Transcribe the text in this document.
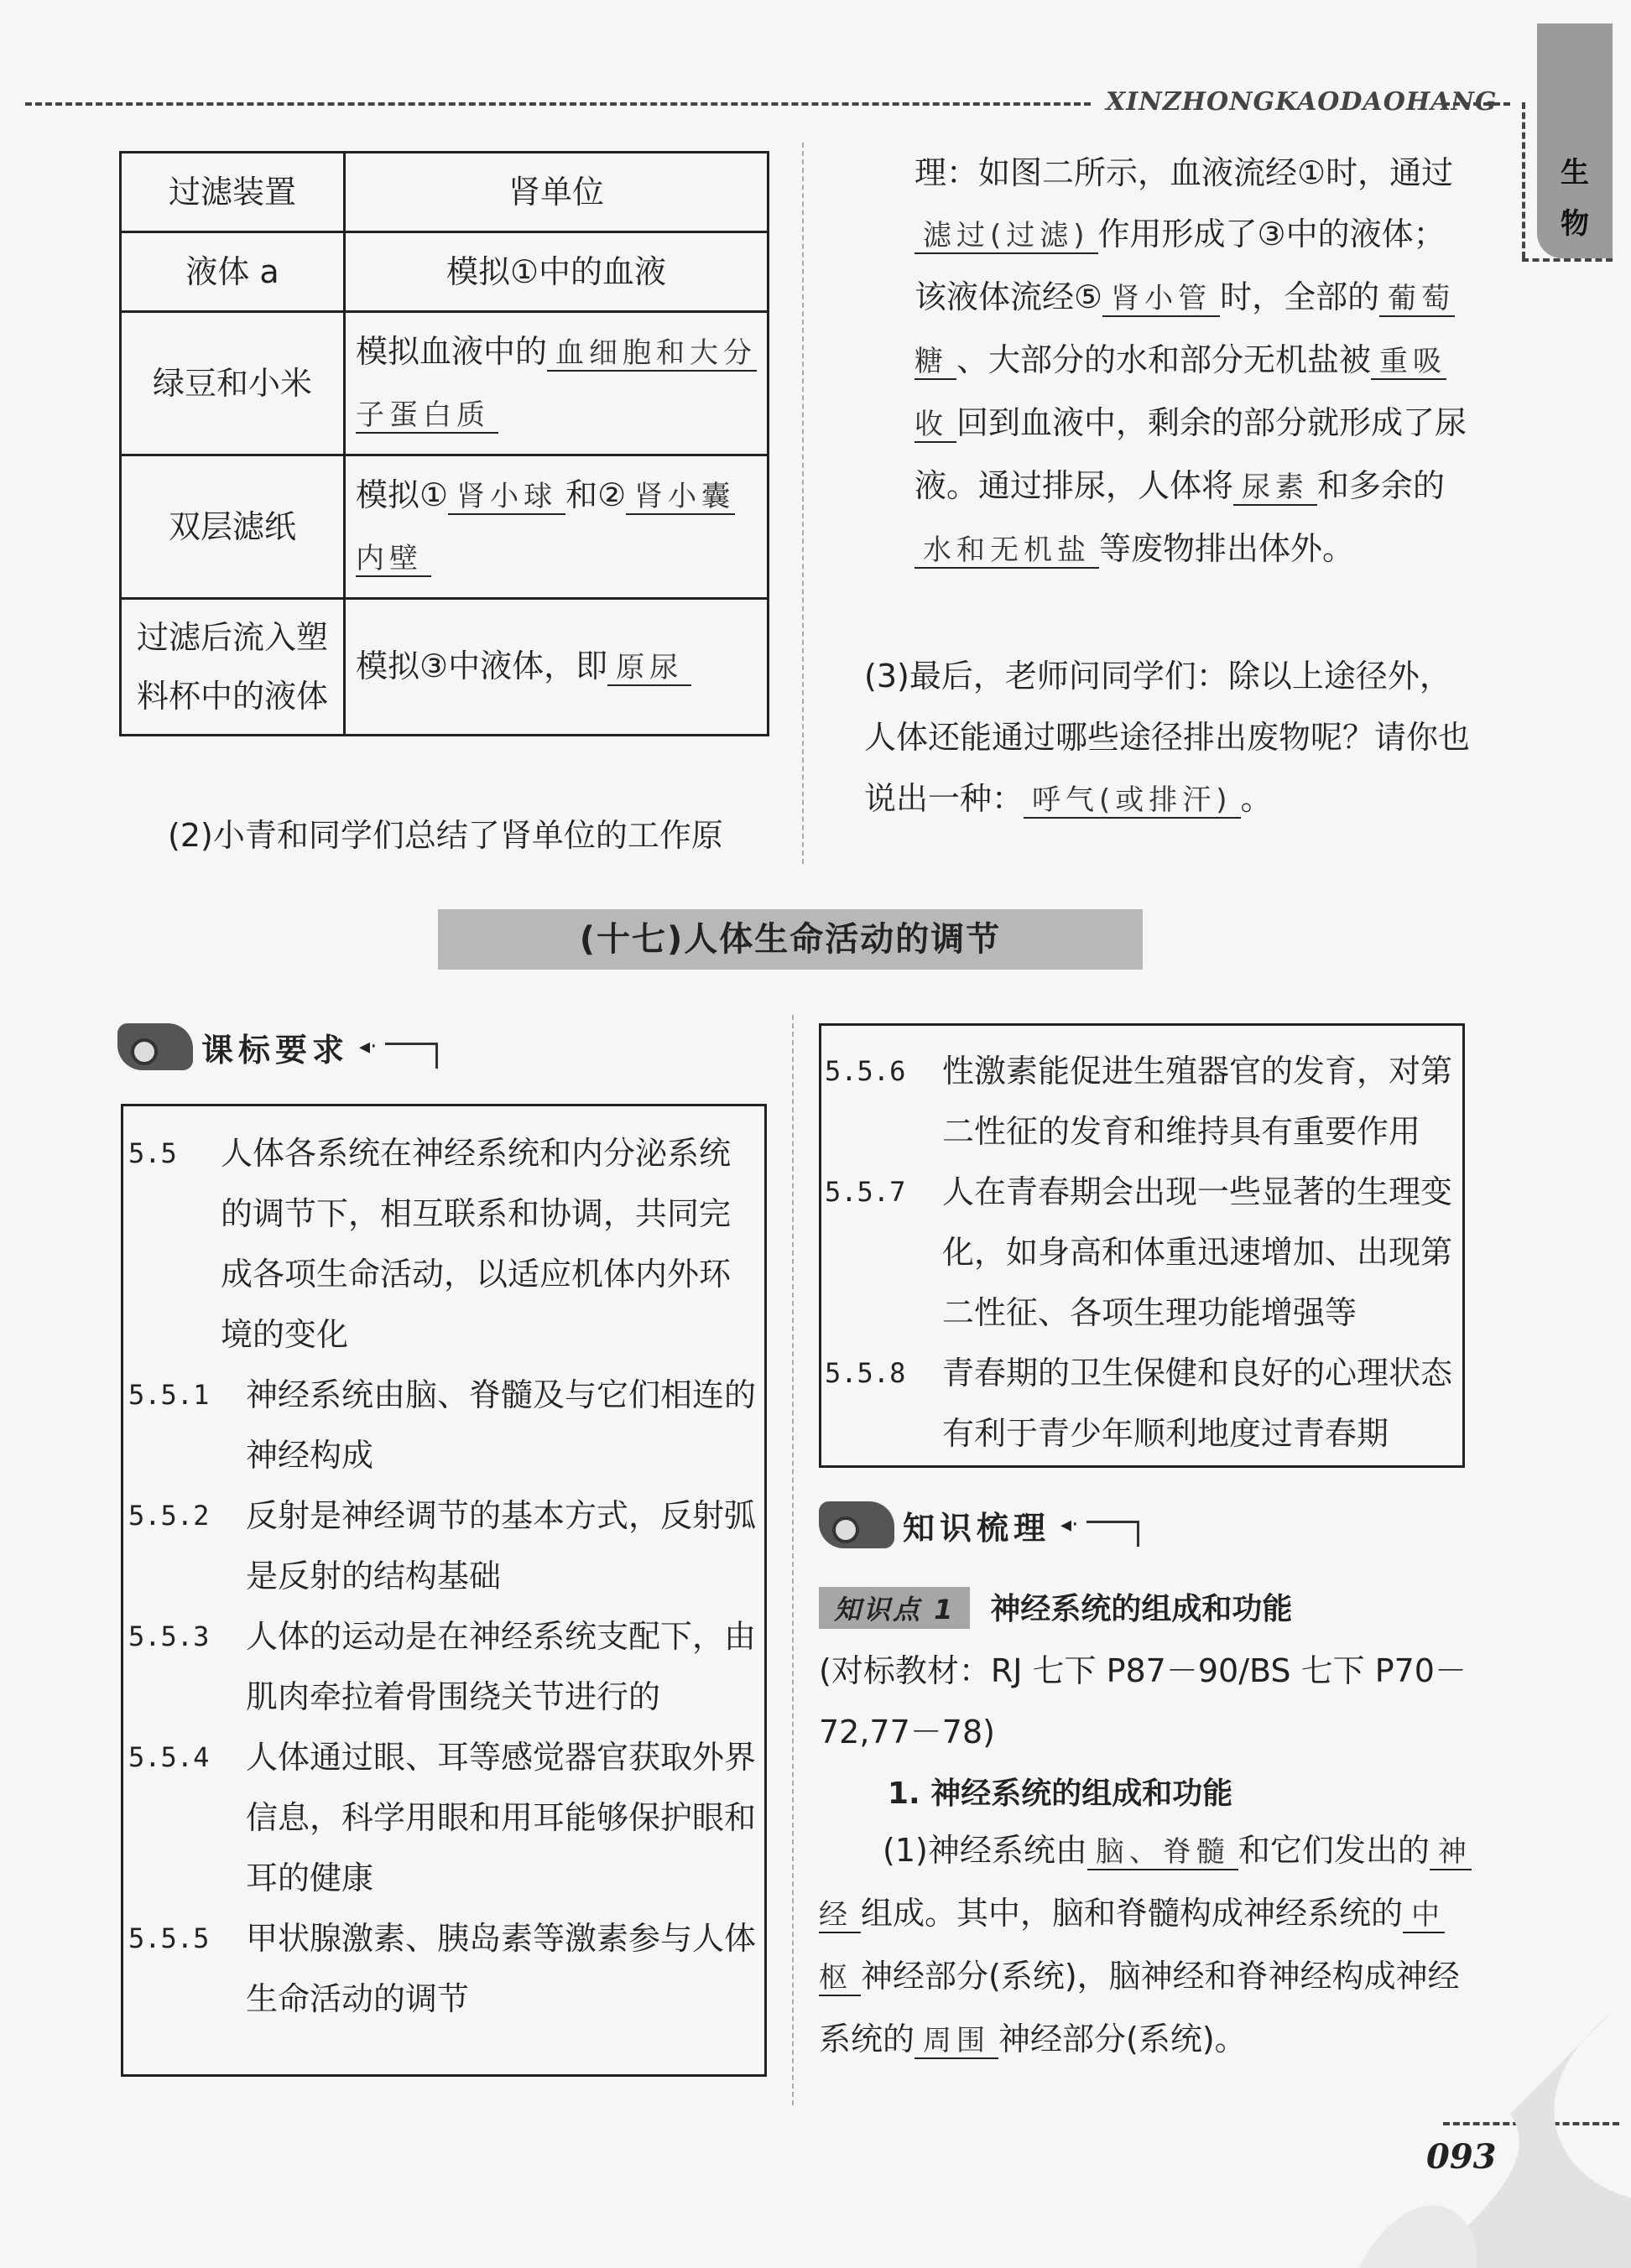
XINZHONGKAODAOHANG
生
物
过滤装置	肾单位
液体 a	模拟①中的血液
绿豆和小米	模拟血液中的 血细胞和大分子蛋白质
双层滤纸	模拟① 肾小球 和② 肾小囊内壁
过滤后流入塑料杯中的液体	模拟③中液体，即 原尿
(2)小青和同学们总结了肾单位的工作原

理：如图二所示，血液流经①时，通过滤过(过滤) 作用形成了③中的液体；该液体流经⑤ 肾小管 时，全部的 葡萄糖 、大部分的水和部分无机盐被 重吸收 回到血液中，剩余的部分就形成了尿液。通过排尿，人体将 尿素 和多余的水和无机盐 等废物排出体外。

(3)最后，老师问同学们：除以上途径外，人体还能通过哪些途径排出废物呢？请你也说出一种： 呼气(或排汗) 。
(十七)人体生命活动的调节
课标要求 ◂·
5.5	人体各系统在神经系统和内分泌系统的调节下，相互联系和协调，共同完成各项生命活动，以适应机体内外环境的变化
5.5.1	神经系统由脑、脊髓及与它们相连的神经构成
5.5.2	反射是神经调节的基本方式，反射弧是反射的结构基础
5.5.3	人体的运动是在神经系统支配下，由肌肉牵拉着骨围绕关节进行的
5.5.4	人体通过眼、耳等感觉器官获取外界信息，科学用眼和用耳能够保护眼和耳的健康
5.5.5	甲状腺激素、胰岛素等激素参与人体生命活动的调节
5.5.6	性激素能促进生殖器官的发育，对第二性征的发育和维持具有重要作用
5.5.7	人在青春期会出现一些显著的生理变化，如身高和体重迅速增加、出现第二性征、各项生理功能增强等
5.5.8	青春期的卫生保健和良好的心理状态有利于青少年顺利地度过青春期
知识梳理 ◂·
知识点 1 神经系统的组成和功能
(对标教材：RJ 七下 P87－90/BS 七下 P70－72,77－78)
1. 神经系统的组成和功能
(1)神经系统由 脑、脊髓 和它们发出的 神经 组成。其中，脑和脊髓构成神经系统的 中枢 神经部分(系统)，脑神经和脊神经构成神经系统的 周围 神经部分(系统)。
093
